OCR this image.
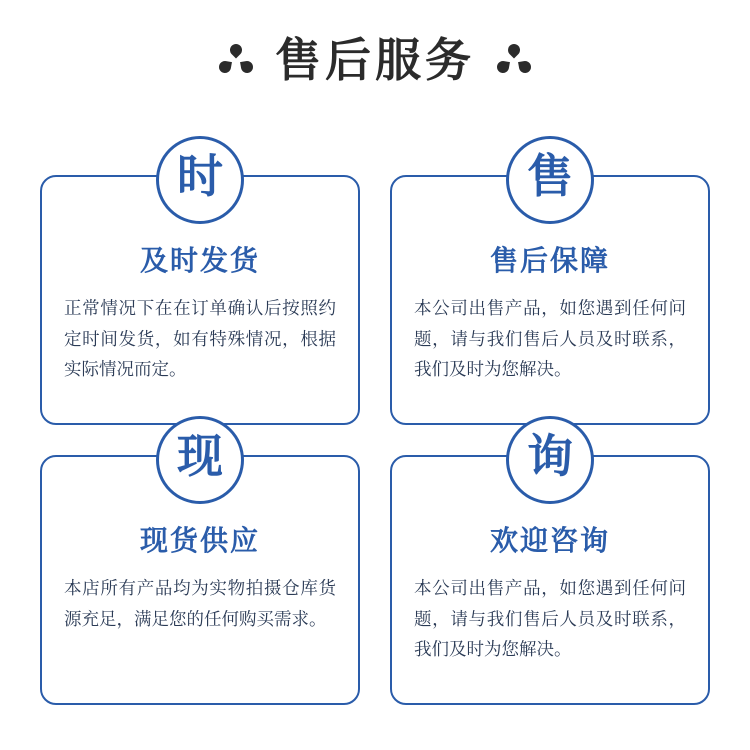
售后服务
时
及时发货

正常情况下在在订单确认后按照约定时间发货，如有特殊情况，根据实际情况而定。

售
售后保障

本公司出售产品，如您遇到任何问题，请与我们售后人员及时联系，我们及时为您解决。

现
现货供应

本店所有产品均为实物拍摄仓库货源充足，满足您的任何购买需求。

询
欢迎咨询

本公司出售产品，如您遇到任何问题，请与我们售后人员及时联系，我们及时为您解决。
